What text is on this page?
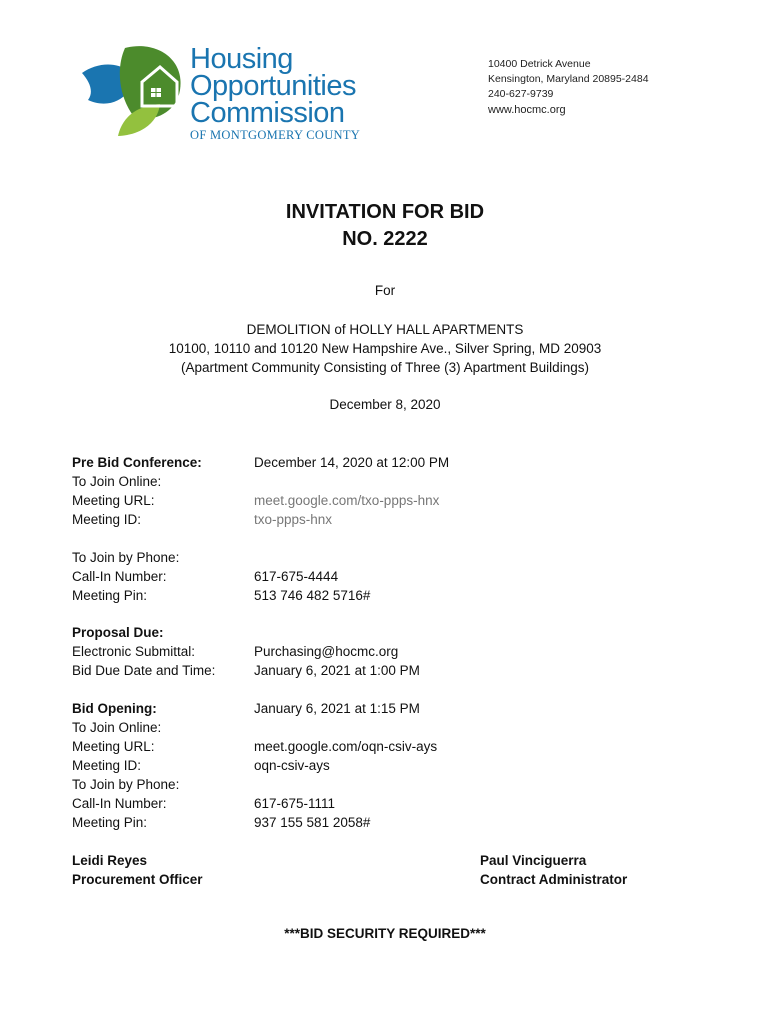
Housing
Opportunities
Commission
OF MONTGOMERY COUNTY
10400 Detrick Avenue
Kensington, Maryland 20895-2484
240-627-9739
www.hocmc.org
INVITATION FOR BID
NO. 2222
For
DEMOLITION of HOLLY HALL APARTMENTS
10100, 10110 and 10120 New Hampshire Ave., Silver Spring, MD 20903
(Apartment Community Consisting of Three (3) Apartment Buildings)
December 8, 2020
Pre Bid Conference:
To Join Online:
Meeting URL:
Meeting ID:
December 14, 2020 at 12:00 PM

meet.google.com/txo-ppps-hnx
txo-ppps-hnx
To Join by Phone:
Call-In Number:
Meeting Pin:

617-675-4444
513 746 482 5716#
Proposal Due:
Electronic Submittal:
Bid Due Date and Time:

Purchasing@hocmc.org
January 6, 2021 at 1:00 PM
Bid Opening:
To Join Online:
Meeting URL:
Meeting ID:
To Join by Phone:
Call-In Number:
Meeting Pin:
January 6, 2021 at 1:15 PM

meet.google.com/oqn-csiv-ays
oqn-csiv-ays

617-675-1111
937 155 581 2058#
Leidi Reyes
Procurement Officer
Paul Vinciguerra
Contract Administrator
***BID SECURITY REQUIRED***
